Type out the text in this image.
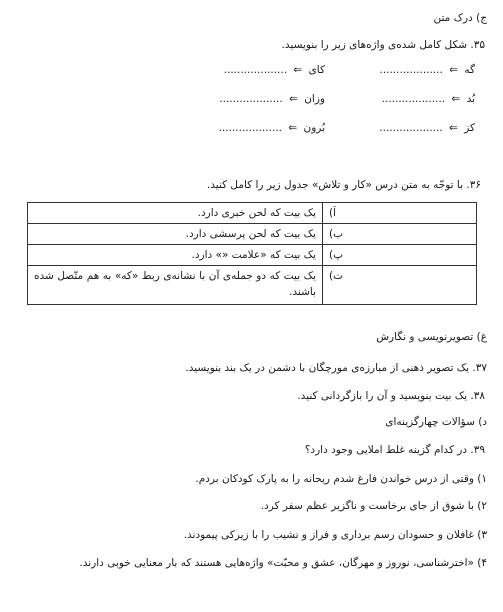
ج) درک متن
۳۵. شکل کامل شده‌ی واژه‌های زیر را بنویسید.
گه ⇐ ...................
کای ⇐ ...................
بُد ⇐ ...................
وزان ⇐ ...................
کز ⇐ ...................
بُرون ⇐ ...................
۳۶. با توجّه به متن درس «کار و تلاش» جدول زیر را کامل کنید.
اَ)	یک بیت که لحن خبری دارد.
ب)	یک بیت که لحن پرسشی دارد.
پ)	یک بیت که «علامت «» دارد.
ت)	یک بیت که دو جمله‌ی آن با نشانه‌ی ربط «که» به هم متّصل شده باشند.
غ) تصویرنویسی و نگارش
۳۷. یک تصویر ذهنی از مبارزه‌ی مورچگان با دشمن در یک بند بنویسید.
۳۸. یک بیت بنویسید و آن را بازگردانی کنید.
د) سؤالات چهارگزینه‌ای
۳۹. در کدام گزینه غلط املایی وجود دارد؟
۱) وقتی از درس خواندن فارغ شدم ریحانه را به پارک کودکان بردم.
۲) با شوق از جای برخاست و ناگزیر عظم سفر کرد.
۳) غافلان و حسودان رسم برداری و فراز و نشیب را با زیرکی پیمودند.
۴) «اخترشناسی، نوروز و مهرگان، عشق و محبّت» واژه‌هایی هستند که بار معنایی خوبی دارند.
